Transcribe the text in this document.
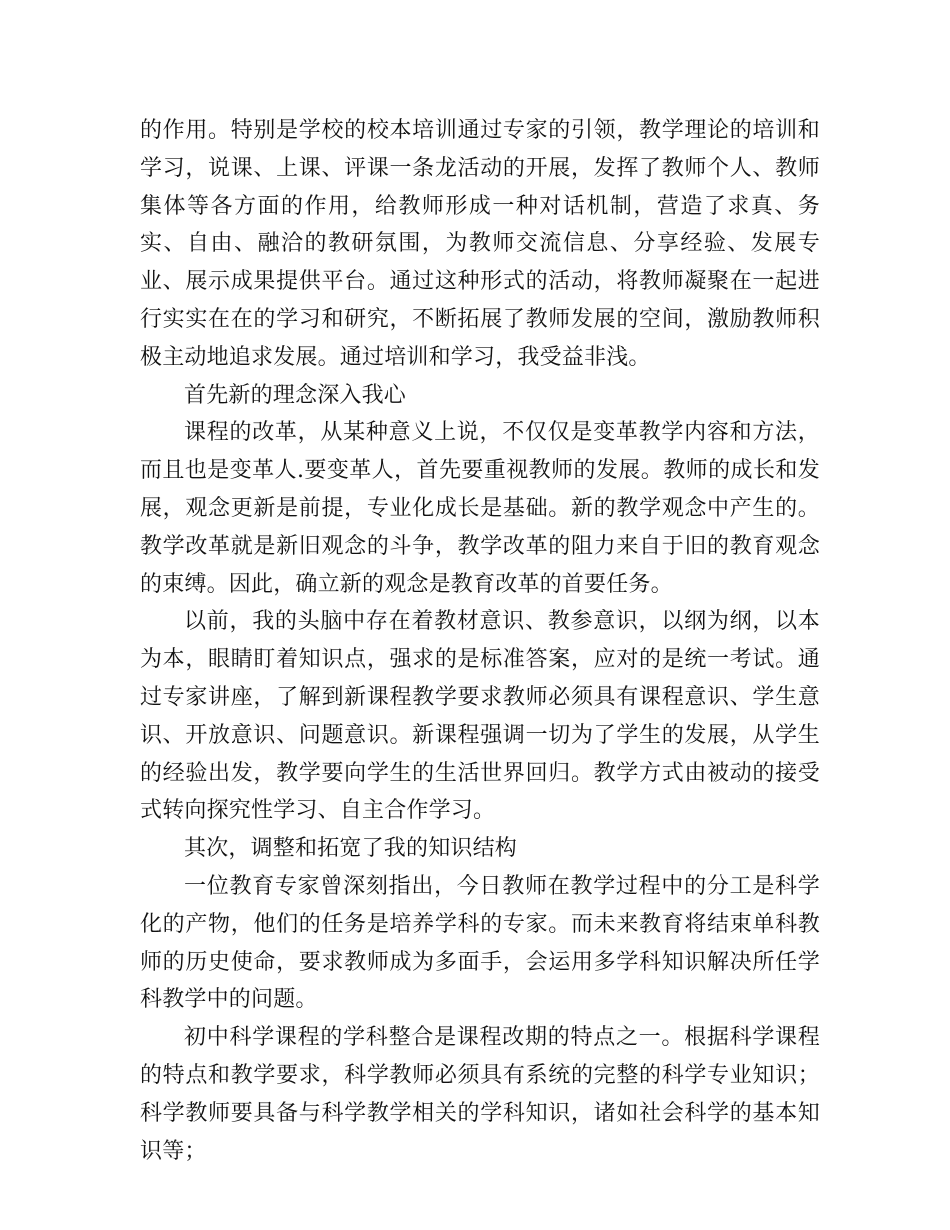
的作用。特别是学校的校本培训通过专家的引领，教学理论的培训和学习，说课、上课、评课一条龙活动的开展，发挥了教师个人、教师集体等各方面的作用，给教师形成一种对话机制，营造了求真、务实、自由、融洽的教研氛围，为教师交流信息、分享经验、发展专业、展示成果提供平台。通过这种形式的活动，将教师凝聚在一起进行实实在在的学习和研究，不断拓展了教师发展的空间，激励教师积极主动地追求发展。通过培训和学习，我受益非浅。

首先新的理念深入我心

课程的改革，从某种意义上说，不仅仅是变革教学内容和方法，而且也是变革人.要变革人，首先要重视教师的发展。教师的成长和发展，观念更新是前提，专业化成长是基础。新的教学观念中产生的。教学改革就是新旧观念的斗争，教学改革的阻力来自于旧的教育观念的束缚。因此，确立新的观念是教育改革的首要任务。

以前，我的头脑中存在着教材意识、教参意识，以纲为纲，以本为本，眼睛盯着知识点，强求的是标准答案，应对的是统一考试。通过专家讲座，了解到新课程教学要求教师必须具有课程意识、学生意识、开放意识、问题意识。新课程强调一切为了学生的发展，从学生的经验出发，教学要向学生的生活世界回归。教学方式由被动的接受式转向探究性学习、自主合作学习。

其次，调整和拓宽了我的知识结构

一位教育专家曾深刻指出，今日教师在教学过程中的分工是科学化的产物，他们的任务是培养学科的专家。而未来教育将结束单科教师的历史使命，要求教师成为多面手，会运用多学科知识解决所任学科教学中的问题。

初中科学课程的学科整合是课程改期的特点之一。根据科学课程的特点和教学要求，科学教师必须具有系统的完整的科学专业知识；科学教师要具备与科学教学相关的学科知识，诸如社会科学的基本知识等；
